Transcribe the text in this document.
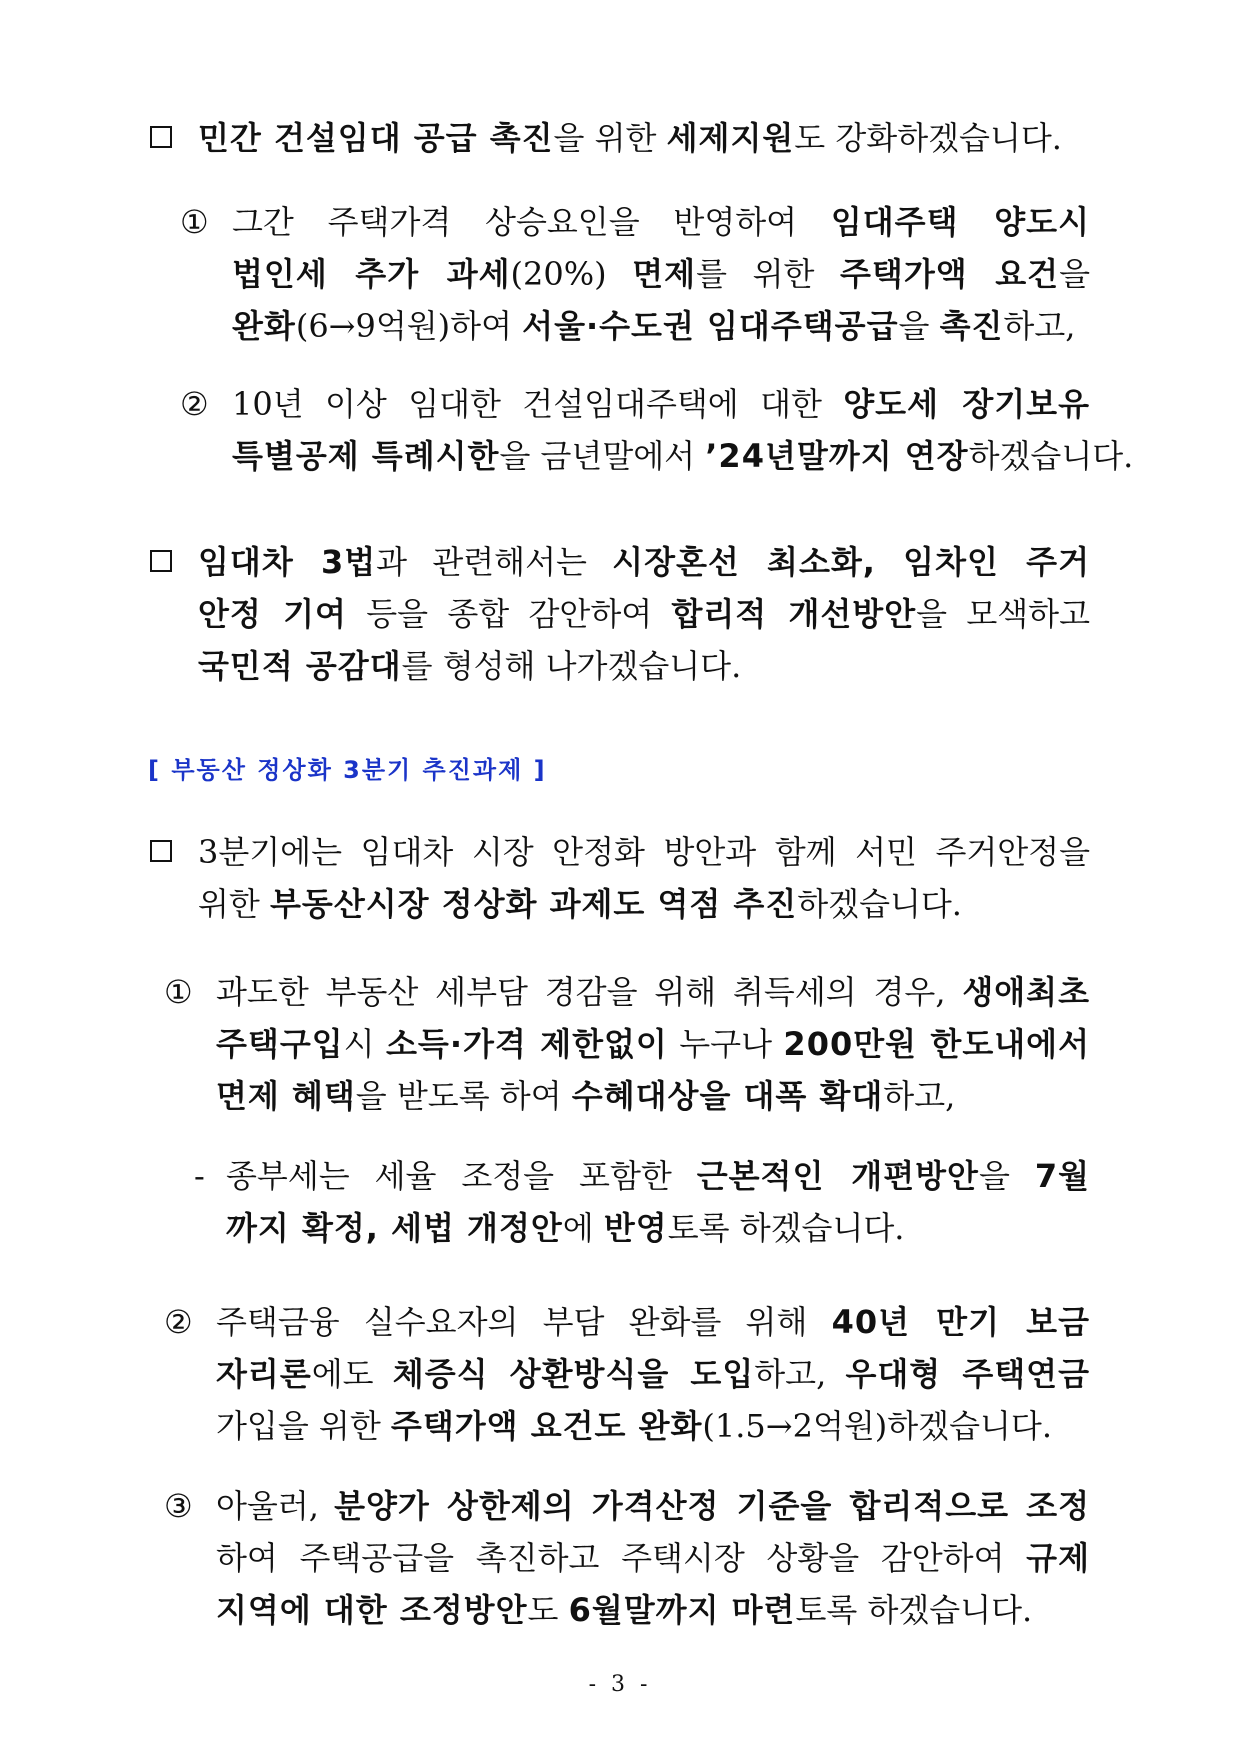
민간 건설임대 공급 촉진을 위한 세제지원도 강화하겠습니다.
① 그간 주택가격 상승요인을 반영하여 임대주택 양도시
법인세 추가 과세(20%) 면제를 위한 주택가액 요건을
완화(6→9억원)하여 서울·수도권 임대주택공급을 촉진하고,
② 10년 이상 임대한 건설임대주택에 대한 양도세 장기보유
특별공제 특례시한을 금년말에서 ’24년말까지 연장하겠습니다.
임대차 3법과 관련해서는 시장혼선 최소화, 임차인 주거
안정 기여 등을 종합 감안하여 합리적 개선방안을 모색하고
국민적 공감대를 형성해 나가겠습니다.
[ 부동산 정상화 3분기 추진과제 ]
3분기에는 임대차 시장 안정화 방안과 함께 서민 주거안정을
위한 부동산시장 정상화 과제도 역점 추진하겠습니다.
① 과도한 부동산 세부담 경감을 위해 취득세의 경우, 생애최초
주택구입시 소득·가격 제한없이 누구나 200만원 한도내에서
면제 혜택을 받도록 하여 수혜대상을 대폭 확대하고,
- 종부세는 세율 조정을 포함한 근본적인 개편방안을 7월
까지 확정, 세법 개정안에 반영토록 하겠습니다.
② 주택금융 실수요자의 부담 완화를 위해 40년 만기 보금
자리론에도 체증식 상환방식을 도입하고, 우대형 주택연금
가입을 위한 주택가액 요건도 완화(1.5→2억원)하겠습니다.
③ 아울러, 분양가 상한제의 가격산정 기준을 합리적으로 조정
하여 주택공급을 촉진하고 주택시장 상황을 감안하여 규제
지역에 대한 조정방안도 6월말까지 마련토록 하겠습니다.
- 3 -
